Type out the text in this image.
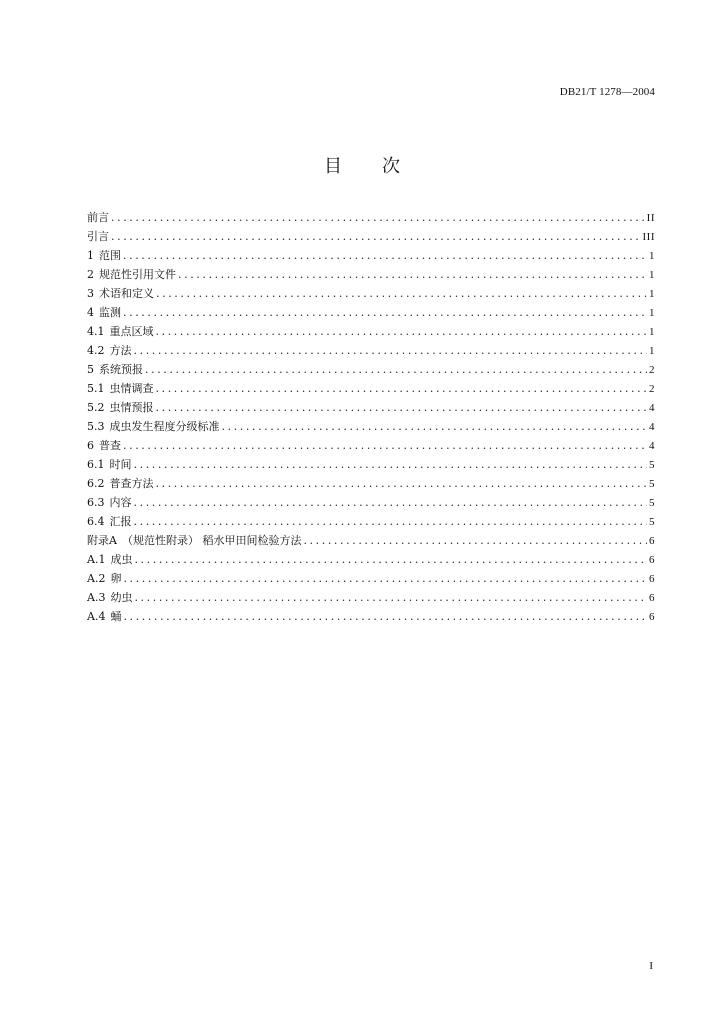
DB21/T 1278—2004
目 次
前言 .....	II
引言 .....	III
1 范围 .....	1
2 规范性引用文件 .....	1
3 术语和定义 .....	1
4 监测 .....	1
4.1 重点区域 .....	1
4.2 方法 .....	1
5 系统预报 .....	2
5.1 虫情调查 .....	2
5.2 虫情预报 .....	4
5.3 成虫发生程度分级标准 .....	4
6 普查 .....	4
6.1 时间 .....	5
6.2 普查方法 .....	5
6.3 内容 .....	5
6.4 汇报 .....	5
附录A （规范性附录） 稻水甲田间检验方法 .....	6
A.1 成虫 .....	6
A.2 卵 .....	6
A.3 幼虫 .....	6
A.4 蛹 .....	6
I
